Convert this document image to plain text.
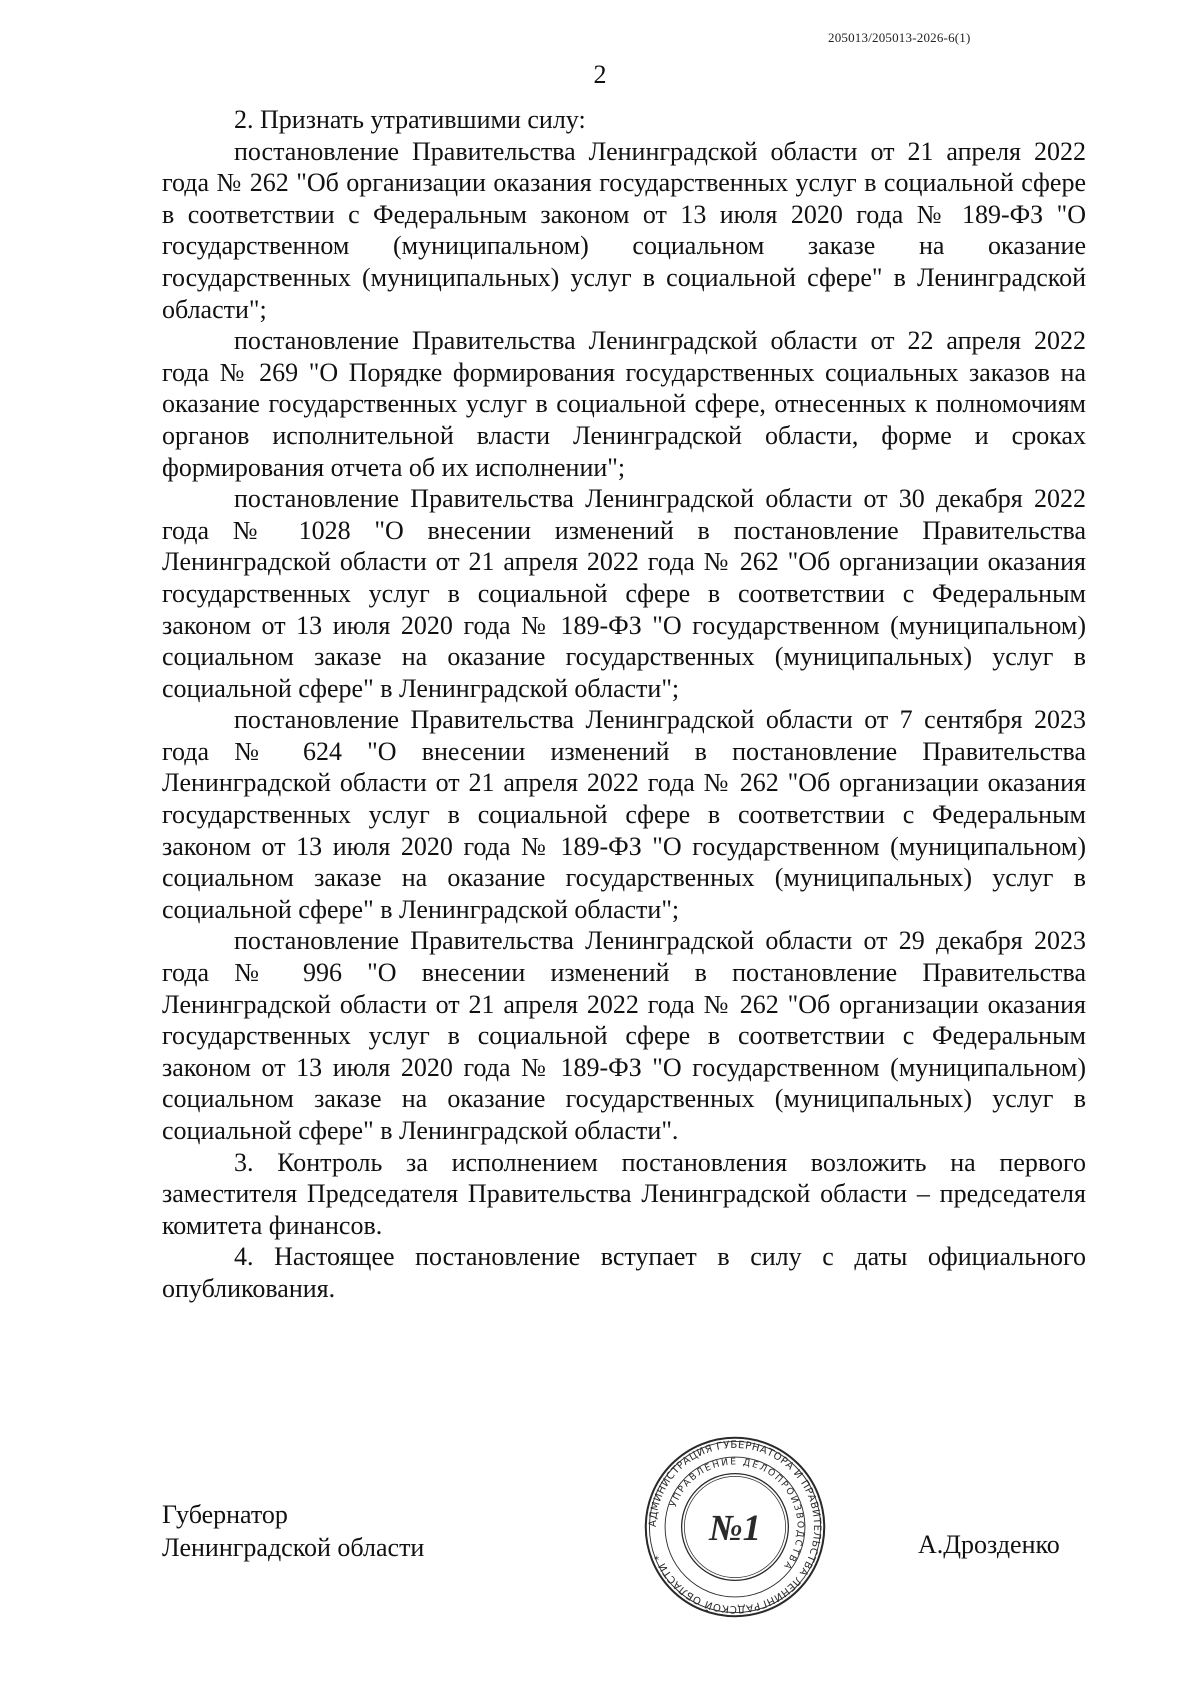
205013/205013-2026-6(1)
2

2. Признать утратившими силу:

постановление Правительства Ленинградской области от 21 апреля 2022 года № 262 "Об организации оказания государственных услуг в социальной сфере в соответствии с Федеральным законом от 13 июля 2020 года № 189-ФЗ "О государственном (муниципальном) социальном заказе на оказание государственных (муниципальных) услуг в социальной сфере" в Ленинградской области";

постановление Правительства Ленинградской области от 22 апреля 2022 года № 269 "О Порядке формирования государственных социальных заказов на оказание государственных услуг в социальной сфере, отнесенных к полномочиям органов исполнительной власти Ленинградской области, форме и сроках формирования отчета об их исполнении";

постановление Правительства Ленинградской области от 30 декабря 2022 года № 1028 "О внесении изменений в постановление Правительства Ленинградской области от 21 апреля 2022 года № 262 "Об организации оказания государственных услуг в социальной сфере в соответствии с Федеральным законом от 13 июля 2020 года № 189-ФЗ "О государственном (муниципальном) социальном заказе на оказание государственных (муниципальных) услуг в социальной сфере" в Ленинградской области";

постановление Правительства Ленинградской области от 7 сентября 2023 года № 624 "О внесении изменений в постановление Правительства Ленинградской области от 21 апреля 2022 года № 262 "Об организации оказания государственных услуг в социальной сфере в соответствии с Федеральным законом от 13 июля 2020 года № 189-ФЗ "О государственном (муниципальном) социальном заказе на оказание государственных (муниципальных) услуг в социальной сфере" в Ленинградской области";

постановление Правительства Ленинградской области от 29 декабря 2023 года № 996 "О внесении изменений в постановление Правительства Ленинградской области от 21 апреля 2022 года № 262 "Об организации оказания государственных услуг в социальной сфере в соответствии с Федеральным законом от 13 июля 2020 года № 189-ФЗ "О государственном (муниципальном) социальном заказе на оказание государственных (муниципальных) услуг в социальной сфере" в Ленинградской области".

3. Контроль за исполнением постановления возложить на первого заместителя Председателя Правительства Ленинградской области – председателя комитета финансов.

4. Настоящее постановление вступает в силу с даты официального опубликования.

Губернатор
Ленинградской области
АДМИНИСТРАЦИЯ ГУБЕРНАТОРА И ПРАВИТЕЛЬСТВА ЛЕНИНГРАДСКОЙ ОБЛАСТИ *
УПРАВЛЕНИЕ ДЕЛОПРОИЗВОДСТВА
№1	А.Дрозденко
